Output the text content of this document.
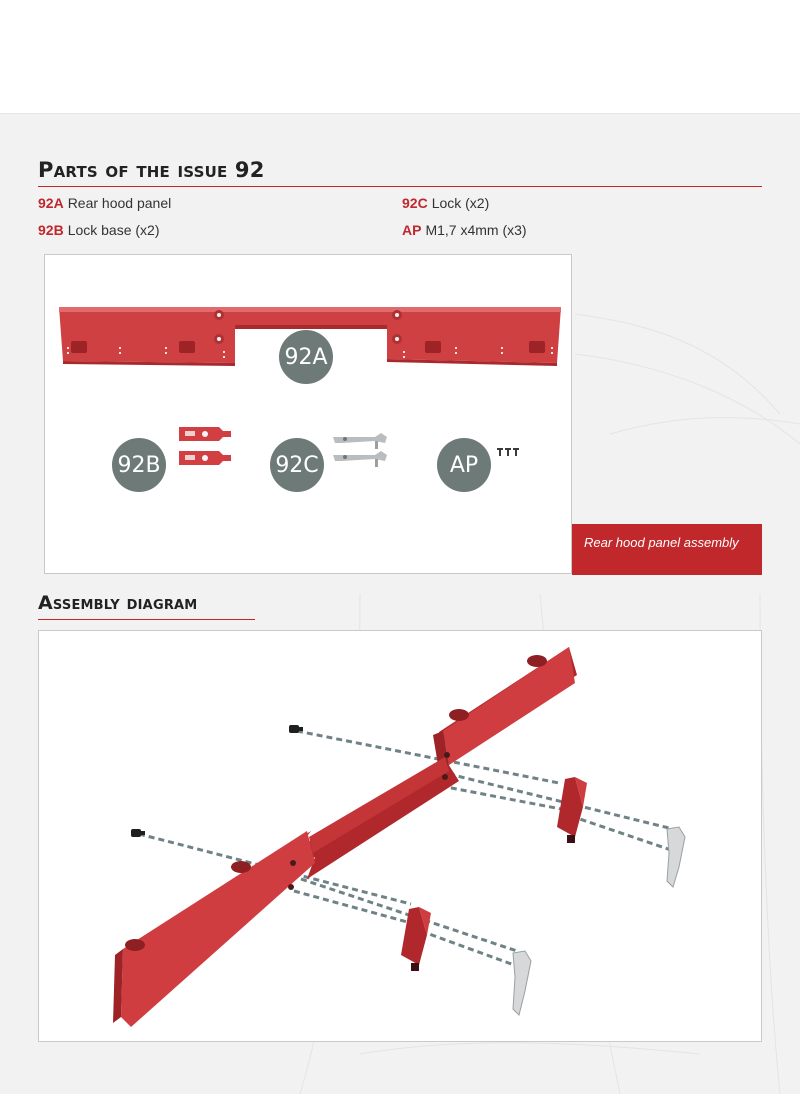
Parts of the issue 92
92A Rear hood panel	92C Lock (x2)
92B Lock base (x2)	AP M1,7 x4mm (x3)
92A
92B	92C	AP
Rear hood panel assembly
Assembly diagram
